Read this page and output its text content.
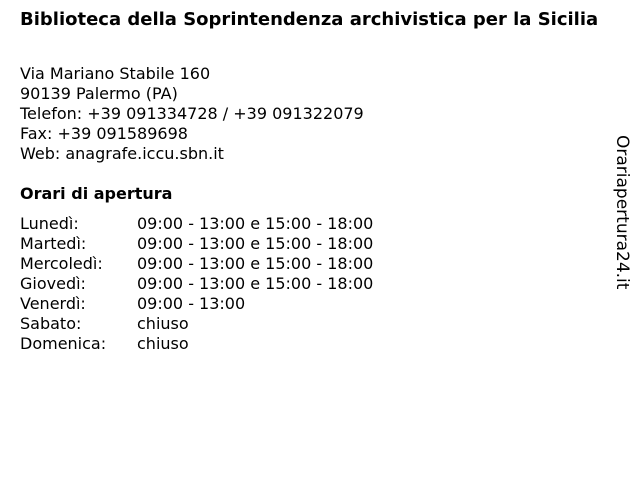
Biblioteca della Soprintendenza archivistica per la Sicilia
Via Mariano Stabile 160
90139 Palermo (PA)
Telefon: +39 091334728 / +39 091322079
Fax: +39 091589698
Web: anagrafe.iccu.sbn.it
Orari di apertura
Lunedì:	09:00 - 13:00 e 15:00 - 18:00
Martedì:	09:00 - 13:00 e 15:00 - 18:00
Mercoledì:	09:00 - 13:00 e 15:00 - 18:00
Giovedì:	09:00 - 13:00 e 15:00 - 18:00
Venerdì:	09:00 - 13:00
Sabato:	chiuso
Domenica:	chiuso
Orariapertura24.it
